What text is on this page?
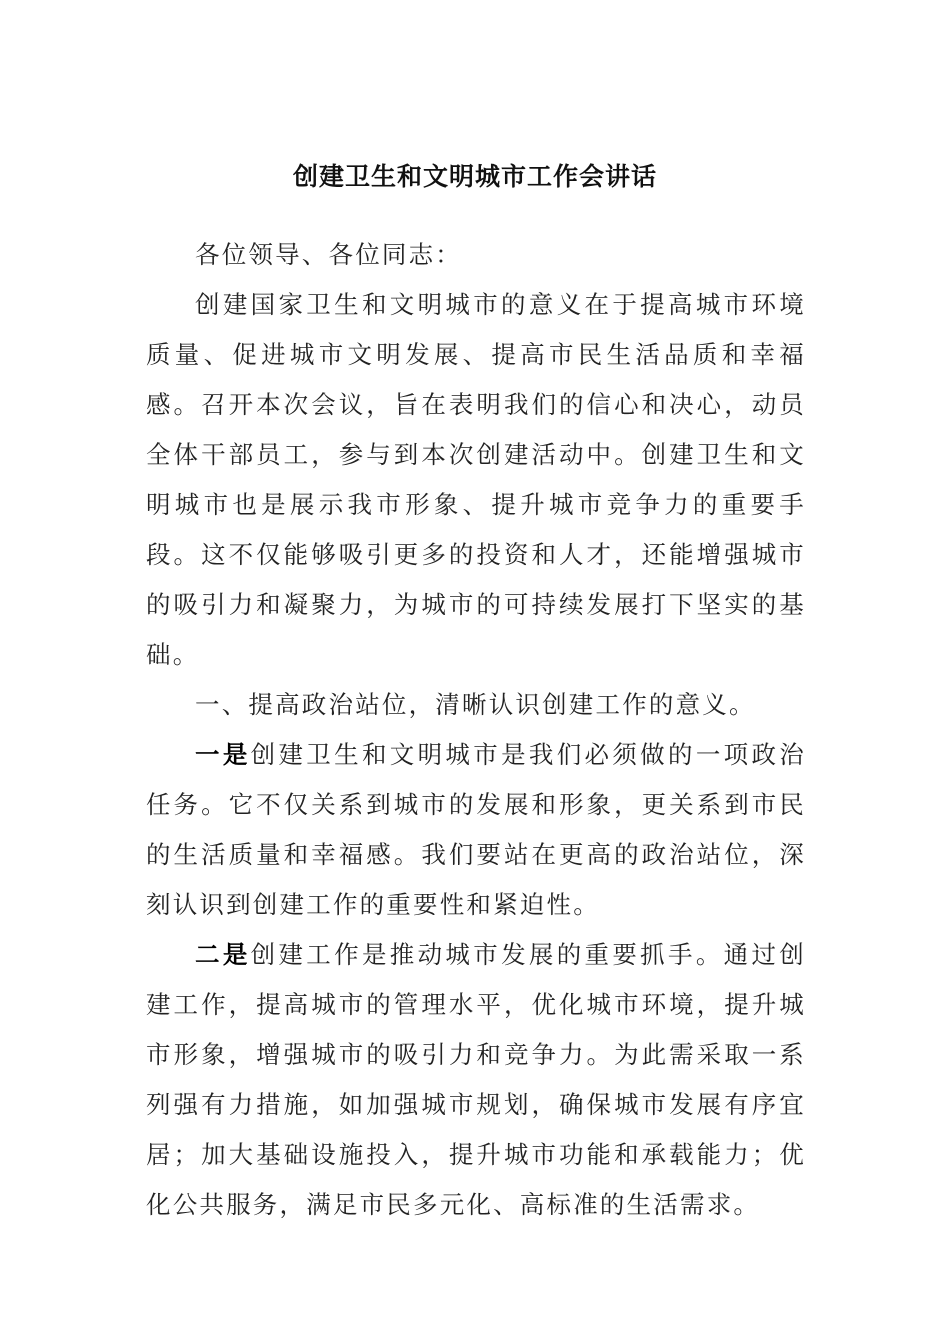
创建卫生和文明城市工作会讲话

各位领导、各位同志：

创建国家卫生和文明城市的意义在于提高城市环境质量、促进城市文明发展、提高市民生活品质和幸福感。召开本次会议，旨在表明我们的信心和决心，动员全体干部员工，参与到本次创建活动中。创建卫生和文明城市也是展示我市形象、提升城市竞争力的重要手段。这不仅能够吸引更多的投资和人才，还能增强城市的吸引力和凝聚力，为城市的可持续发展打下坚实的基础。

一、提高政治站位，清晰认识创建工作的意义。

一是创建卫生和文明城市是我们必须做的一项政治任务。它不仅关系到城市的发展和形象，更关系到市民的生活质量和幸福感。我们要站在更高的政治站位，深刻认识到创建工作的重要性和紧迫性。

二是创建工作是推动城市发展的重要抓手。通过创建工作，提高城市的管理水平，优化城市环境，提升城市形象，增强城市的吸引力和竞争力。为此需采取一系列强有力措施，如加强城市规划，确保城市发展有序宜居；加大基础设施投入，提升城市功能和承载能力；优化公共服务，满足市民多元化、高标准的生活需求。
